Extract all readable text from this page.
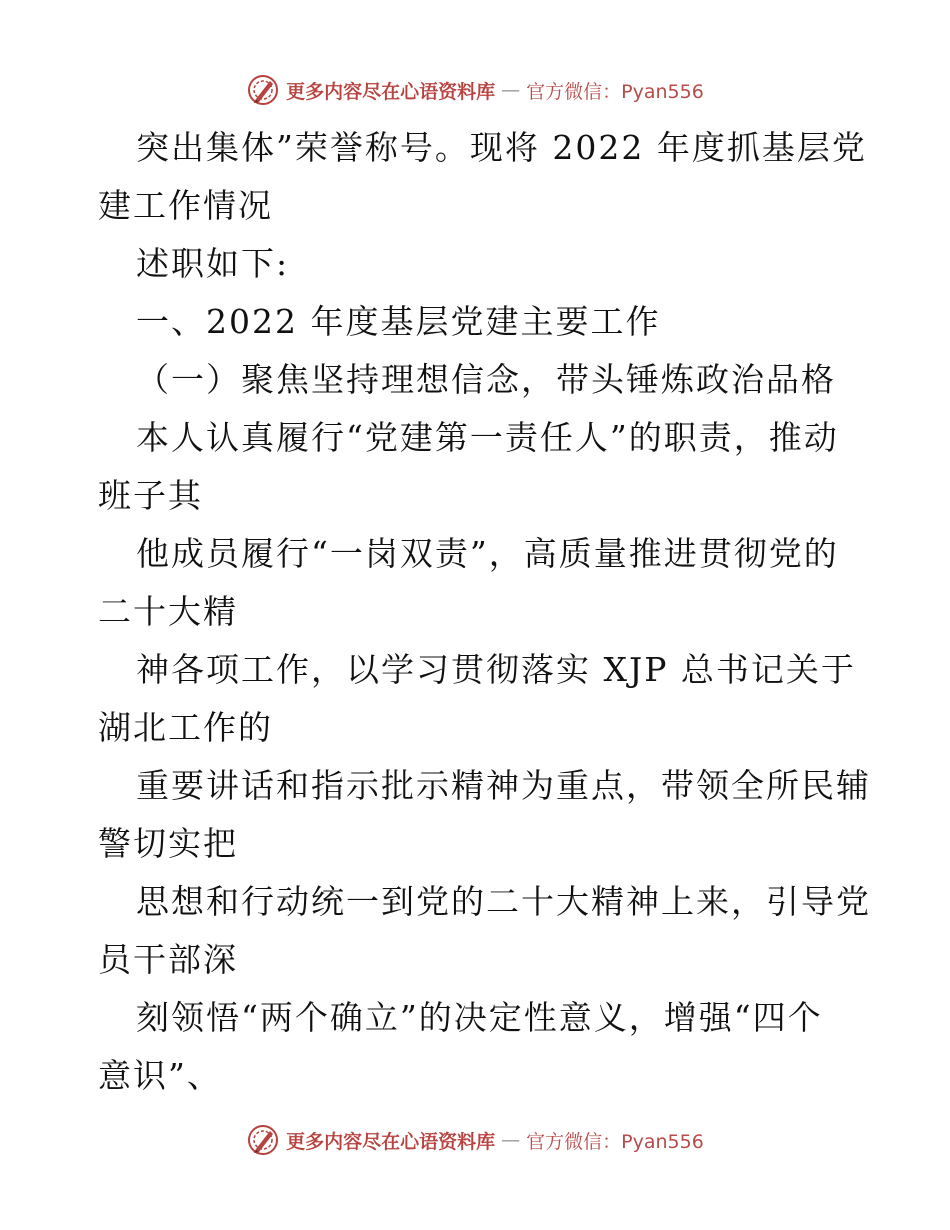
更多内容尽在心语资料库 — 官方微信：Pyan556
突出集体”荣誉称号。现将 2022 年度抓基层党
建工作情况
述职如下:
一、2022 年度基层党建主要工作
（一）聚焦坚持理想信念，带头锤炼政治品格
本人认真履行“党建第一责任人”的职责，推动
班子其
他成员履行“一岗双责”，高质量推进贯彻党的
二十大精
神各项工作，以学习贯彻落实 XJP 总书记关于
湖北工作的
重要讲话和指示批示精神为重点，带领全所民辅
警切实把
思想和行动统一到党的二十大精神上来，引导党
员干部深
刻领悟“两个确立”的决定性意义，增强“四个
意识”、
更多内容尽在心语资料库 — 官方微信：Pyan556
